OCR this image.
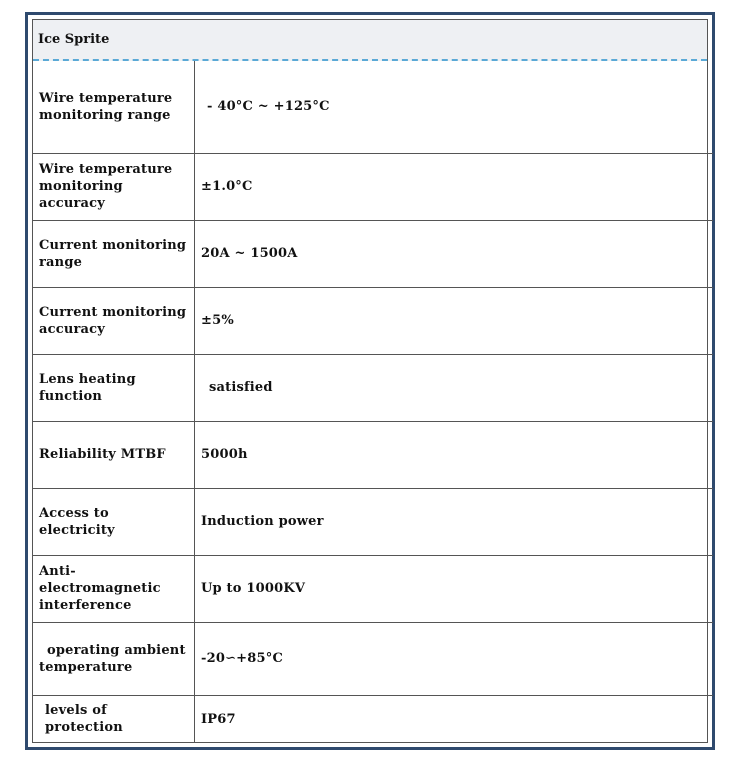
Ice Sprite
Wire temperature monitoring range	- 40°C ~ +125°C
Wire temperature monitoring accuracy	±1.0°C
Current monitoring range	20A ~ 1500A
Current monitoring accuracy	±5%
Lens heating function	satisfied
Reliability MTBF	5000h
Access to electricity	Induction power
Anti-electromagnetic interference	Up to 1000KV
operating ambient temperature	-20∽+85°C
levels of protection	IP67
